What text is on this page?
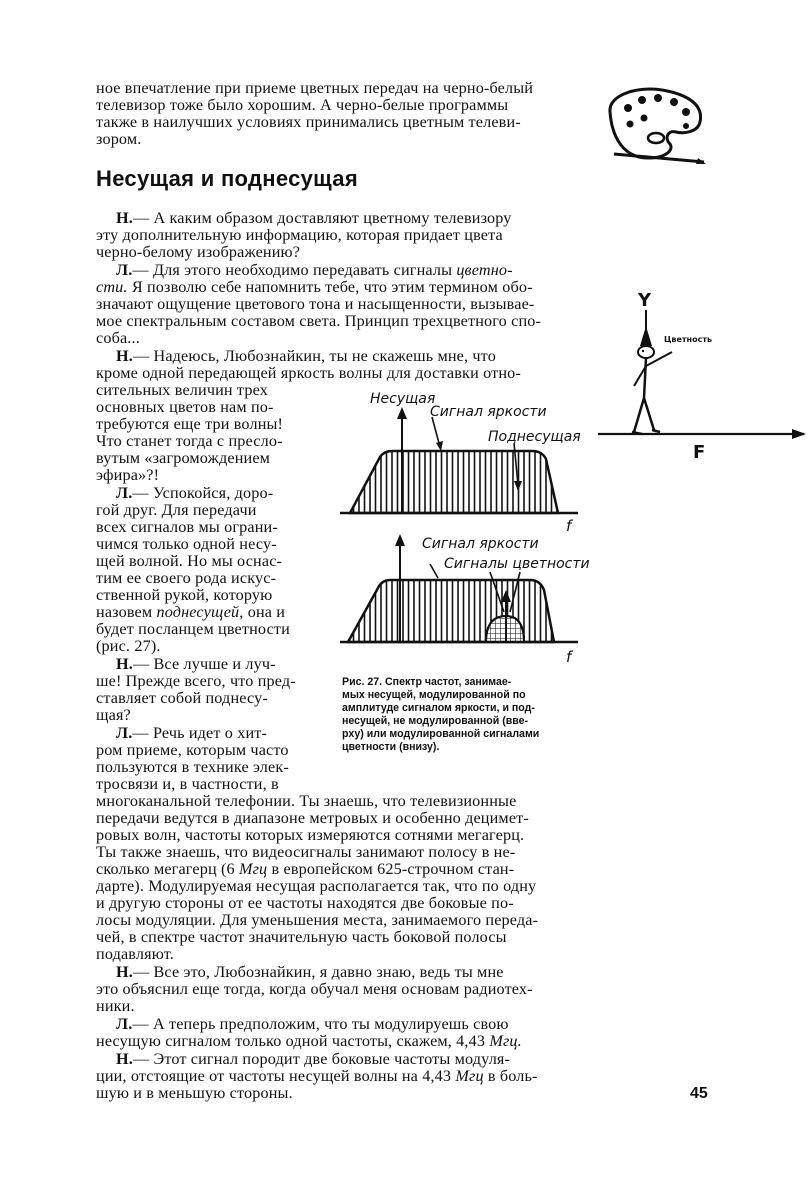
ное впечатление при приеме цветных передач на черно-белый

телевизор тоже было хорошим. А черно-белые программы

также в наилучших условиях принимались цветным телеви-

зором.

Несущая и поднесущая

Н.— А каким образом доставляют цветному телевизору

эту дополнительную информацию, которая придает цвета

черно-белому изображению?

Л.— Для этого необходимо передавать сигналы цветно-

сти. Я позволю себе напомнить тебе, что этим термином обо-

значают ощущение цветового тона и насыщенности, вызывае-

мое спектральным составом света. Принцип трехцветного спо-

соба...

Н.— Надеюсь, Любознайкин, ты не скажешь мне, что

кроме одной передающей яркость волны для доставки отно-

сительных величин трех

основных цветов нам по-

требуются еще три волны!

Что станет тогда с пресло-

вутым «загромождением

эфира»?!

Л.— Успокойся, доро-

гой друг. Для передачи

всех сигналов мы ограни-

чимся только одной несу-

щей волной. Но мы оснас-

тим ее своего рода искус-

ственной рукой, которую

назовем поднесущей, она и

будет посланцем цветности

(рис. 27).

Н.— Все лучше и луч-

ше! Прежде всего, что пред-

ставляет собой поднесу-

щая?

Л.— Речь идет о хит-

ром приеме, которым часто

пользуются в технике элек-

тросвязи и, в частности, в

многоканальной телефонии. Ты знаешь, что телевизионные

передачи ведутся в диапазоне метровых и особенно децимет-

ровых волн, частоты которых измеряются сотнями мегагерц.

Ты также знаешь, что видеосигналы занимают полосу в не-

сколько мегагерц (6 Мгц в европейском 625-строчном стан-

дарте). Модулируемая несущая располагается так, что по одну

и другую стороны от ее частоты находятся две боковые по-

лосы модуляции. Для уменьшения места, занимаемого переда-

чей, в спектре частот значительную часть боковой полосы

подавляют.

Н.— Все это, Любознайкин, я давно знаю, ведь ты мне

это объяснил еще тогда, когда обучал меня основам радиотех-

ники.

Л.— А теперь предположим, что ты модулируешь свою

несущую сигналом только одной частоты, скажем, 4,43 Мгц.

Н.— Этот сигнал породит две боковые частоты модуля-

ции, отстоящие от частоты несущей волны на 4,43 Мгц в боль-

шую и в меньшую стороны.

Несущая
Сигнал яркости
Поднесущая
f
Сигнал яркости
Сигналы цветности
f

Рис. 27. Спектр частот, занимае-

мых несущей, модулированной по

амплитуде сигналом яркости, и под-

несущей, не модулированной (вве-

рху) или модулированной сигналами

цветности (внизу).

Y
Цветность
F

45
